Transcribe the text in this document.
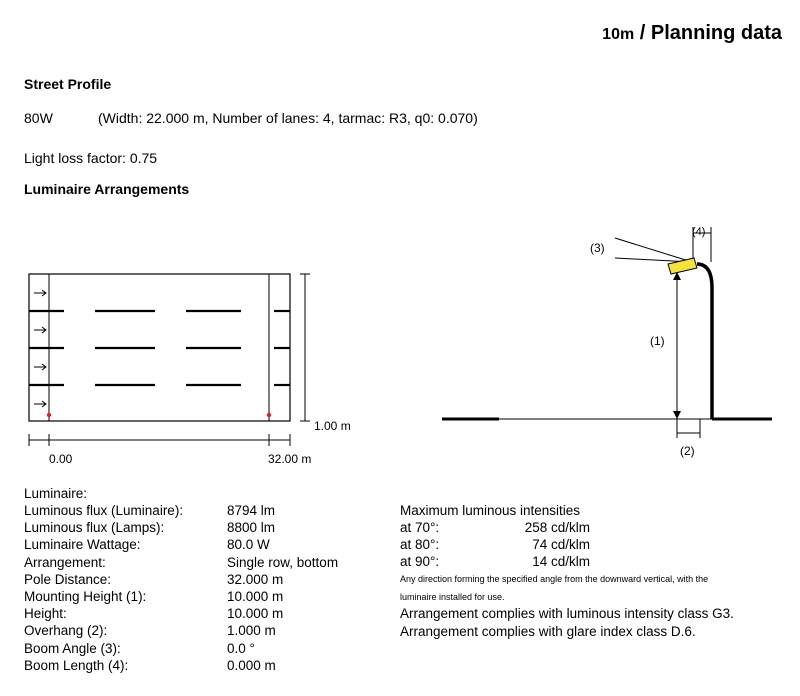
10m / Planning data
Street Profile
80W	(Width: 22.000 m, Number of lanes: 4, tarmac: R3, q0: 0.070)
Light loss factor: 0.75
Luminaire Arrangements
1.00 m
0.00	32.00 m
(1)
(2)
(3)
(4)
Luminaire:
Luminous flux (Luminaire):
Luminous flux (Lamps):
Luminaire Wattage:
Arrangement:
Pole Distance:
Mounting Height (1):
Height:
Overhang (2):
Boom Angle (3):
Boom Length (4):
8794 lm
8800 lm
80.0 W
Single row, bottom
32.000 m
10.000 m
10.000 m
1.000 m
0.0 °
0.000 m
Maximum luminous intensities
at 70°:
at 80°:
at 90°:
258 cd/klm
74 cd/klm
14 cd/klm
Any direction forming the specified angle from the downward vertical, with the
luminaire installed for use.
Arrangement complies with luminous intensity class G3.
Arrangement complies with glare index class D.6.
